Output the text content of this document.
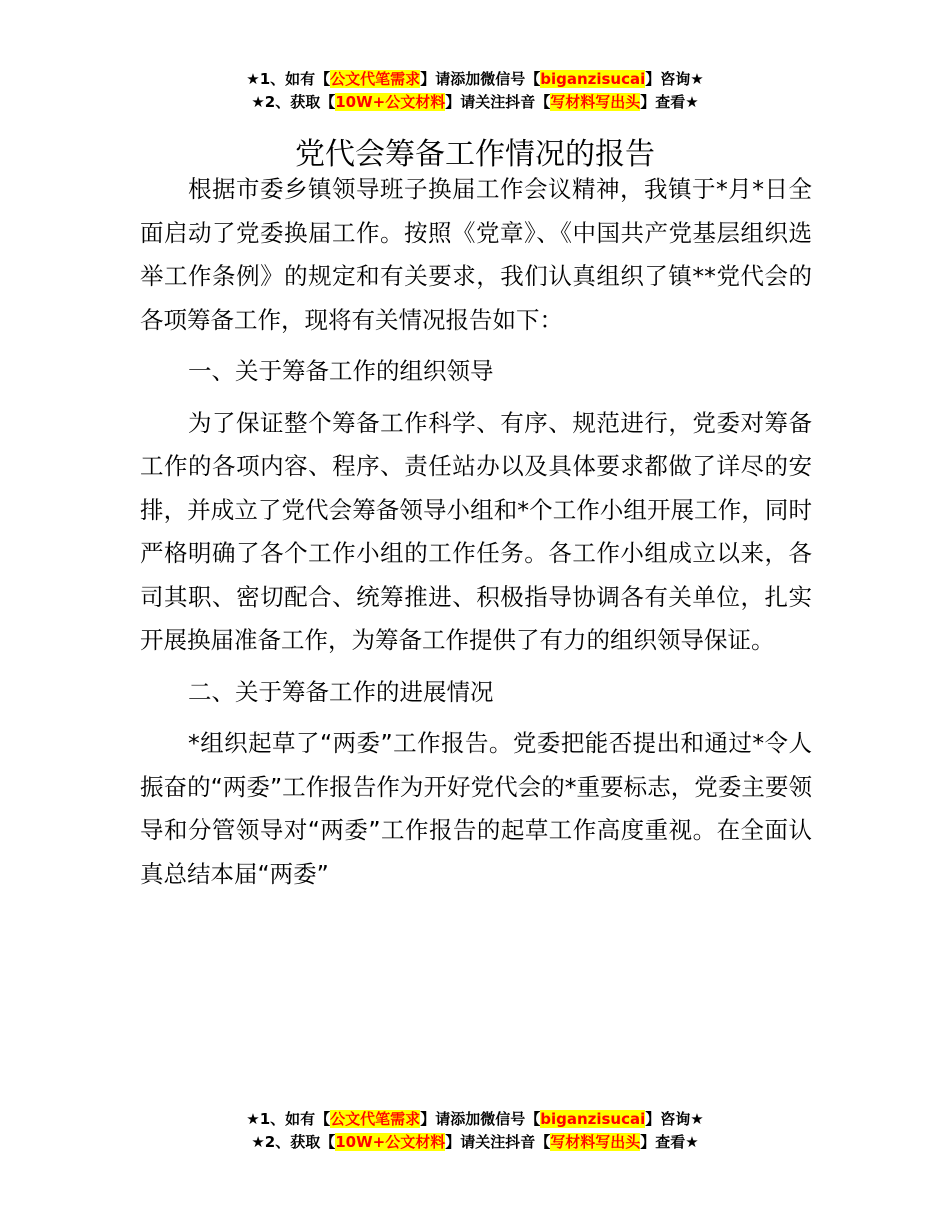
★1、如有【公文代笔需求】请添加微信号【biganzisucai】咨询★
★2、获取【10W+公文材料】请关注抖音【写材料写出头】查看★
党代会筹备工作情况的报告

根据市委乡镇领导班子换届工作会议精神，我镇于*月*日全面启动了党委换届工作。按照《党章》、《中国共产党基层组织选举工作条例》的规定和有关要求，我们认真组织了镇**党代会的各项筹备工作，现将有关情况报告如下：

一、关于筹备工作的组织领导

为了保证整个筹备工作科学、有序、规范进行，党委对筹备工作的各项内容、程序、责任站办以及具体要求都做了详尽的安排，并成立了党代会筹备领导小组和*个工作小组开展工作，同时严格明确了各个工作小组的工作任务。各工作小组成立以来，各司其职、密切配合、统筹推进、积极指导协调各有关单位，扎实开展换届准备工作，为筹备工作提供了有力的组织领导保证。

二、关于筹备工作的进展情况

*组织起草了“两委”工作报告。党委把能否提出和通过*令人振奋的“两委”工作报告作为开好党代会的*重要标志，党委主要领导和分管领导对“两委”工作报告的起草工作高度重视。在全面认真总结本届“两委”

★1、如有【公文代笔需求】请添加微信号【biganzisucai】咨询★
★2、获取【10W+公文材料】请关注抖音【写材料写出头】查看★
